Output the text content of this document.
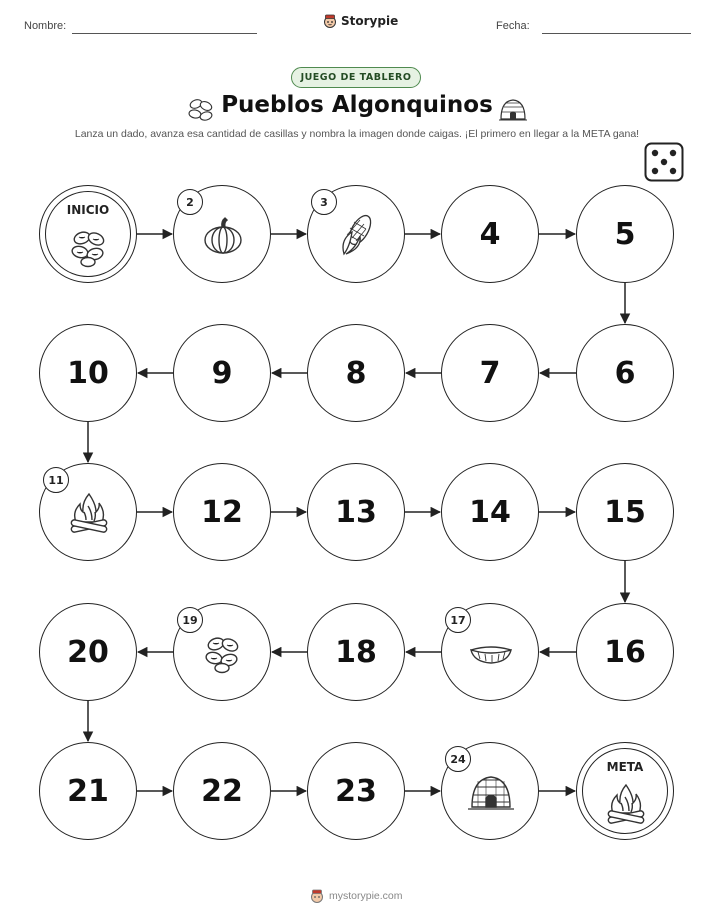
Nombre:	Storypie	Fecha:
JUEGO DE TABLERO
Pueblos Algonquinos
Lanza un dado, avanza esa cantidad de casillas y nombra la imagen donde caigas. ¡El primero en llegar a la META gana!
INICIO
2	3
4	5
6
7
8
9
10
11
12	13	14	15
16
17
18
19
20
21	22	23
24
META
mystorypie.com
